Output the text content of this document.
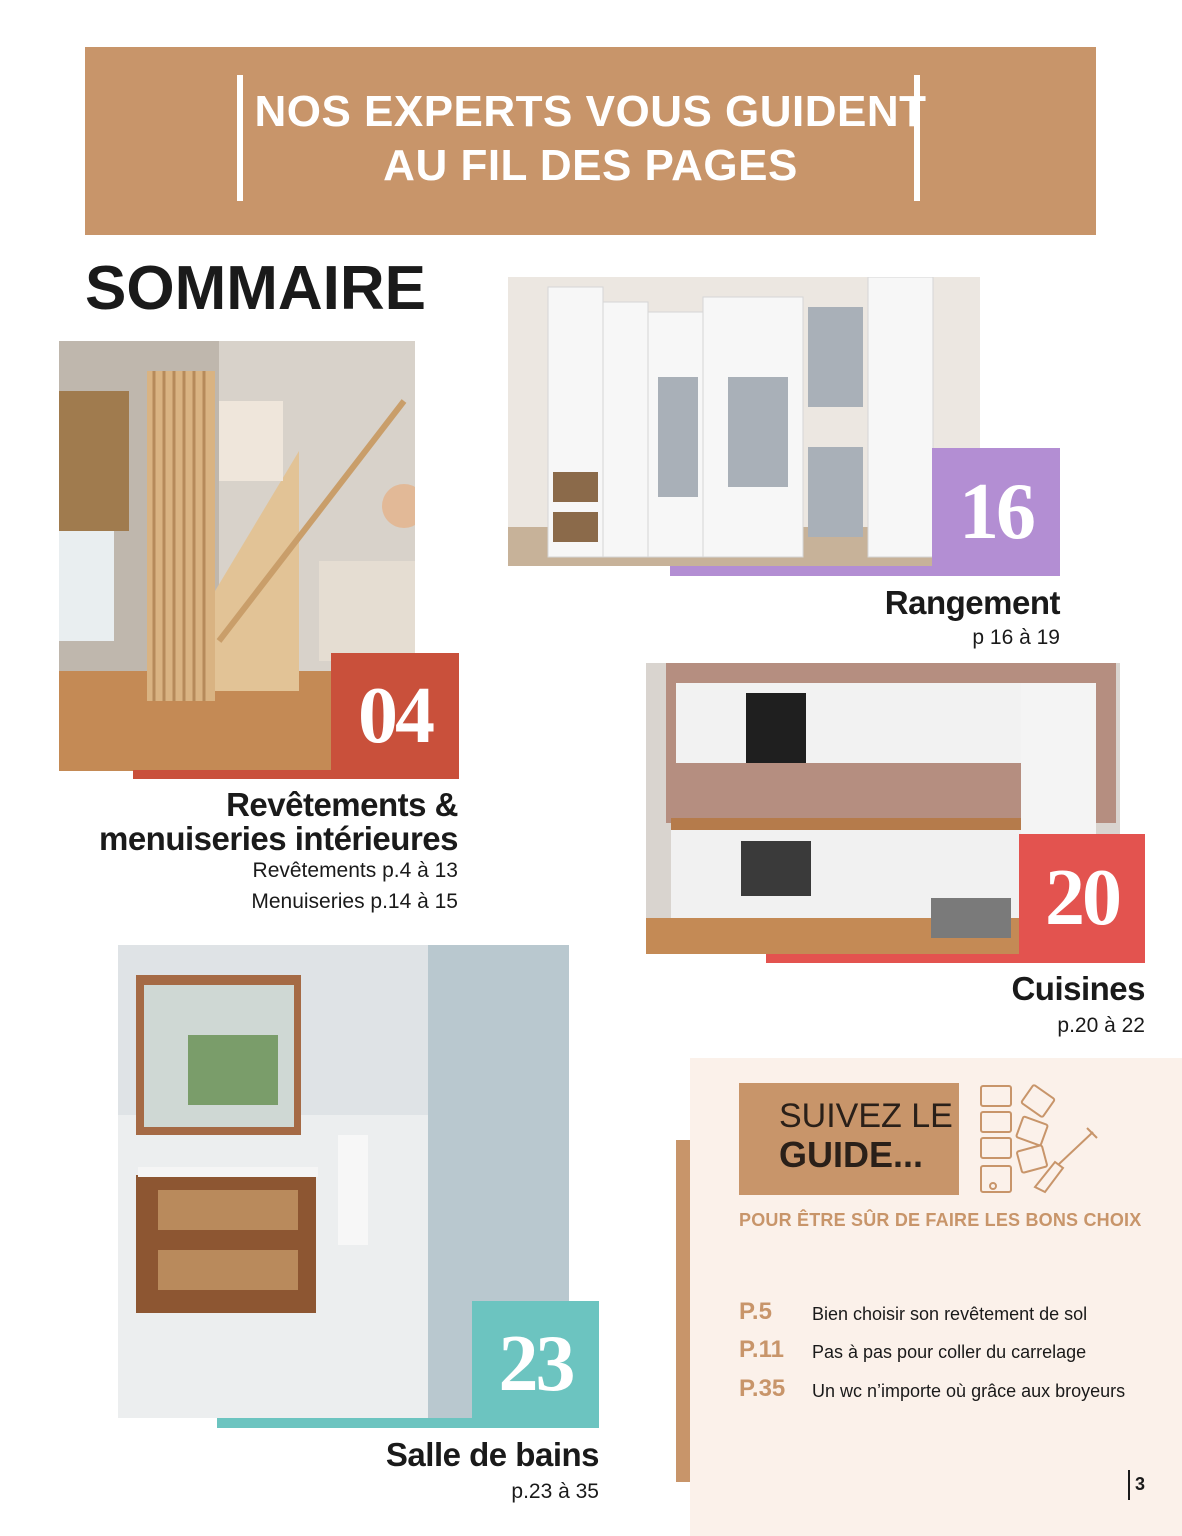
NOS EXPERTS VOUS GUIDENT
AU FIL DES PAGES
SOMMAIRE
04
Revêtements &
menuiseries intérieures
Revêtements p.4 à 13
Menuiseries p.14 à 15
16
Rangement
p 16 à 19
20
Cuisines
p.20 à 22
23
Salle de bains
p.23 à 35
SUIVEZ LE
GUIDE...
POUR ÊTRE SÛR DE FAIRE LES BONS CHOIX
P.5 Bien choisir son revêtement de sol
P.11 Pas à pas pour coller du carrelage
P.35 Un wc n’importe où grâce aux broyeurs
3
